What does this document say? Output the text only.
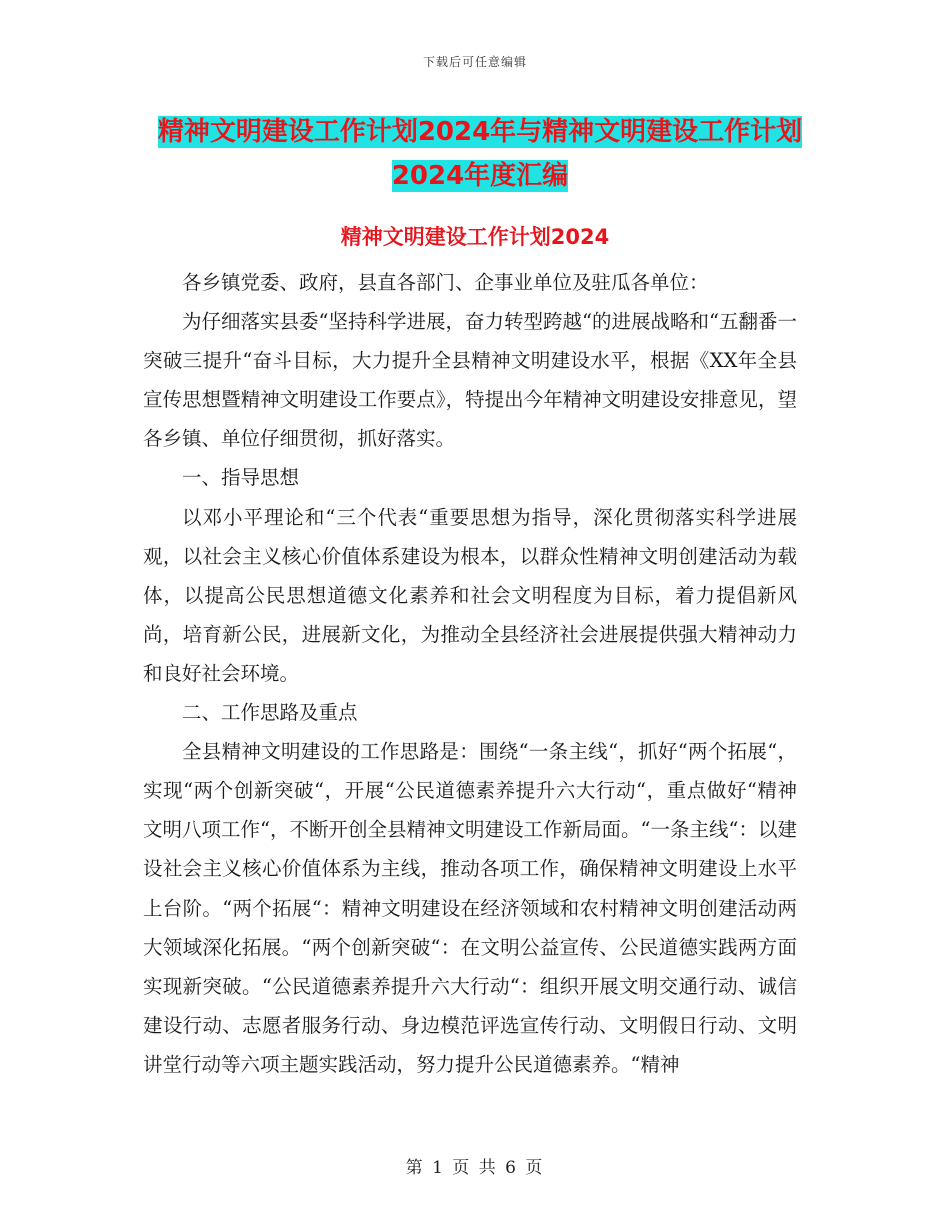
下载后可任意编辑
精神文明建设工作计划2024年与精神文明建设工作计划2024年度汇编
精神文明建设工作计划2024

各乡镇党委、政府，县直各部门、企事业单位及驻瓜各单位：

为仔细落实县委“坚持科学进展，奋力转型跨越“的进展战略和“五翻番一突破三提升“奋斗目标，大力提升全县精神文明建设水平，根据《XX年全县宣传思想暨精神文明建设工作要点》，特提出今年精神文明建设安排意见，望各乡镇、单位仔细贯彻，抓好落实。

一、指导思想

以邓小平理论和“三个代表“重要思想为指导，深化贯彻落实科学进展观，以社会主义核心价值体系建设为根本，以群众性精神文明创建活动为载体，以提高公民思想道德文化素养和社会文明程度为目标，着力提倡新风尚，培育新公民，进展新文化，为推动全县经济社会进展提供强大精神动力和良好社会环境。

二、工作思路及重点

全县精神文明建设的工作思路是：围绕“一条主线“，抓好“两个拓展“，实现“两个创新突破“，开展“公民道德素养提升六大行动“，重点做好“精神文明八项工作“，不断开创全县精神文明建设工作新局面。“一条主线“：以建设社会主义核心价值体系为主线，推动各项工作，确保精神文明建设上水平上台阶。“两个拓展“：精神文明建设在经济领域和农村精神文明创建活动两大领域深化拓展。“两个创新突破“：在文明公益宣传、公民道德实践两方面实现新突破。“公民道德素养提升六大行动“：组织开展文明交通行动、诚信建设行动、志愿者服务行动、身边模范评选宣传行动、文明假日行动、文明讲堂行动等六项主题实践活动，努力提升公民道德素养。“精神

第 1 页 共 6 页
